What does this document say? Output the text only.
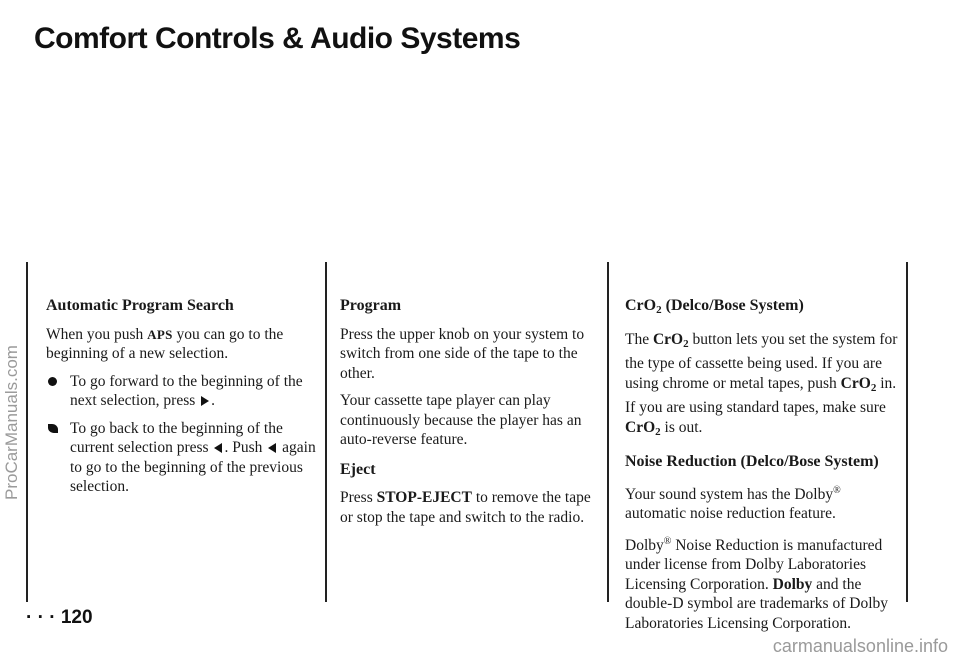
Comfort Controls & Audio Systems
Automatic Program Search

When you push APS you can go to the beginning of a new selection.

To go forward to the beginning of the next selection, press .
To go back to the beginning of the current selection press . Push  again to go to the beginning of the previous selection.
Program

Press the upper knob on your system to switch from one side of the tape to the other.

Your cassette tape player can play continuously because the player has an auto-reverse feature.

Eject

Press STOP-EJECT to remove the tape or stop the tape and switch to the radio.

CrO$_2$ (Delco/Bose System)

The CrO$_2$ button lets you set the system for the type of cassette being used. If you are using chrome or metal tapes, push CrO$_2$ in. If you are using standard tapes, make sure CrO$_2$ is out.

Noise Reduction (Delco/Bose System)

Your sound system has the Dolby® automatic noise reduction feature.

Dolby® Noise Reduction is manufactured under license from Dolby Laboratories Licensing Corporation. Dolby and the double-D symbol are trademarks of Dolby Laboratories Licensing Corporation.

· · · 120
ProCarManuals.com
carmanualsonline.info
